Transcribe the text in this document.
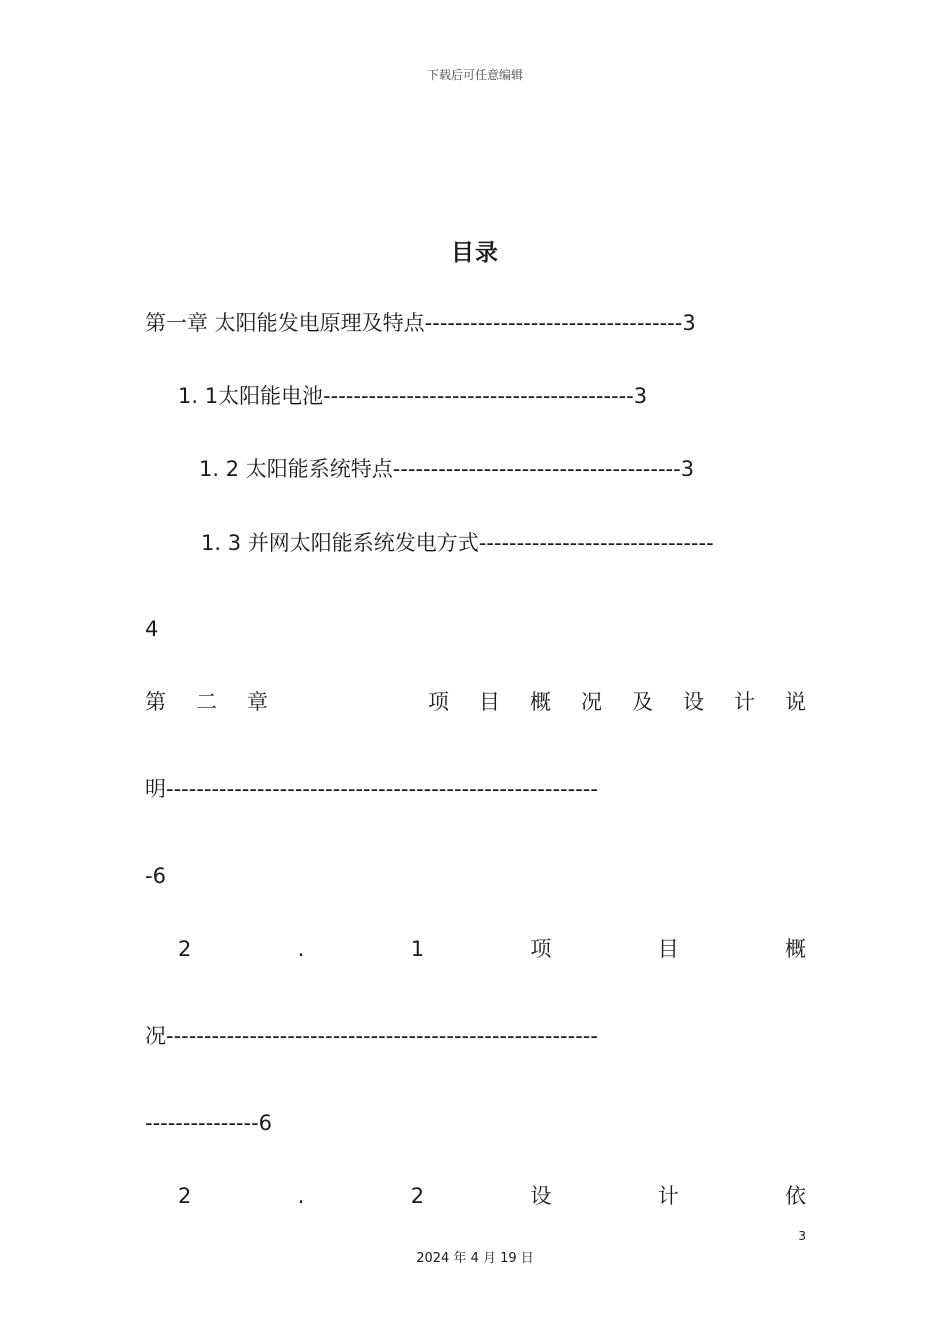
下载后可任意编辑
目录
第一章 太阳能发电原理及特点----------------------------------3
1. 1太阳能电池-----------------------------------------3
1. 2 太阳能系统特点--------------------------------------3
1. 3 并网太阳能系统发电方式-------------------------------
4
第 二 章	项 目 概 况 及 设 计 说
明---------------------------------------------------------
-6
2	.	1	项	目	概
况---------------------------------------------------------
---------------6
2	.	2	设	计	依
3
2024 年 4 月 19 日
